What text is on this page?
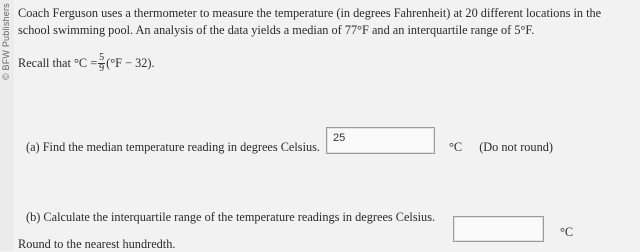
© BFW Publishers Coach Ferguson uses a thermometer to measure the temperature (in degrees Fahrenheit) at 20 different locations in the school swimming pool. An analysis of the data yields a median of 77°F and an interquartile range of 5°F.
Recall that $^\circ C = \frac{5}{9} (^\circ F - 32)$.
(a) Find the median temperature reading in degrees Celsius.
25
°C (Do not round)
(b) Calculate the interquartile range of the temperature readings in degrees Celsius.
°C
Round to the nearest hundredth.
